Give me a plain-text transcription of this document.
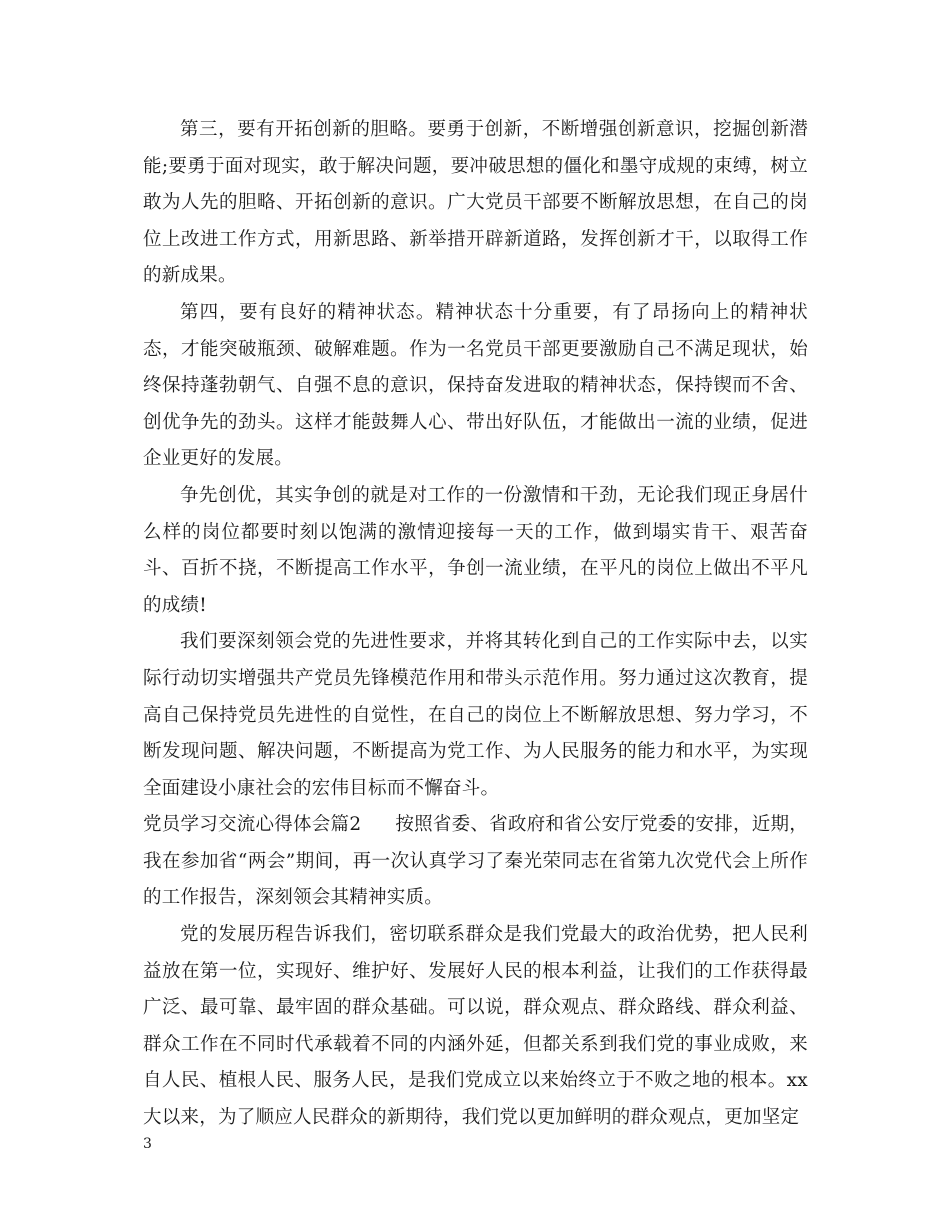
第三，要有开拓创新的胆略。要勇于创新，不断增强创新意识，挖掘创新潜能;要勇于面对现实，敢于解决问题，要冲破思想的僵化和墨守成规的束缚，树立敢为人先的胆略、开拓创新的意识。广大党员干部要不断解放思想，在自己的岗位上改进工作方式，用新思路、新举措开辟新道路，发挥创新才干，以取得工作的新成果。

第四，要有良好的精神状态。精神状态十分重要，有了昂扬向上的精神状态，才能突破瓶颈、破解难题。作为一名党员干部更要激励自己不满足现状，始终保持蓬勃朝气、自强不息的意识，保持奋发进取的精神状态，保持锲而不舍、创优争先的劲头。这样才能鼓舞人心、带出好队伍，才能做出一流的业绩，促进企业更好的发展。

争先创优，其实争创的就是对工作的一份激情和干劲，无论我们现正身居什么样的岗位都要时刻以饱满的激情迎接每一天的工作，做到塌实肯干、艰苦奋斗、百折不挠，不断提高工作水平，争创一流业绩，在平凡的岗位上做出不平凡的成绩!

我们要深刻领会党的先进性要求，并将其转化到自己的工作实际中去，以实际行动切实增强共产党员先锋模范作用和带头示范作用。努力通过这次教育，提高自己保持党员先进性的自觉性，在自己的岗位上不断解放思想、努力学习，不断发现问题、解决问题，不断提高为党工作、为人民服务的能力和水平，为实现全面建设小康社会的宏伟目标而不懈奋斗。

党员学习交流心得体会篇2 按照省委、省政府和省公安厅党委的安排，近期，我在参加省“两会”期间，再一次认真学习了秦光荣同志在省第九次党代会上所作的工作报告，深刻领会其精神实质。

党的发展历程告诉我们，密切联系群众是我们党最大的政治优势，把人民利益放在第一位，实现好、维护好、发展好人民的根本利益，让我们的工作获得最广泛、最可靠、最牢固的群众基础。可以说，群众观点、群众路线、群众利益、群众工作在不同时代承载着不同的内涵外延，但都关系到我们党的事业成败，来自人民、植根人民、服务人民，是我们党成立以来始终立于不败之地的根本。xx大以来，为了顺应人民群众的新期待，我们党以更加鲜明的群众观点，更加坚定

3
